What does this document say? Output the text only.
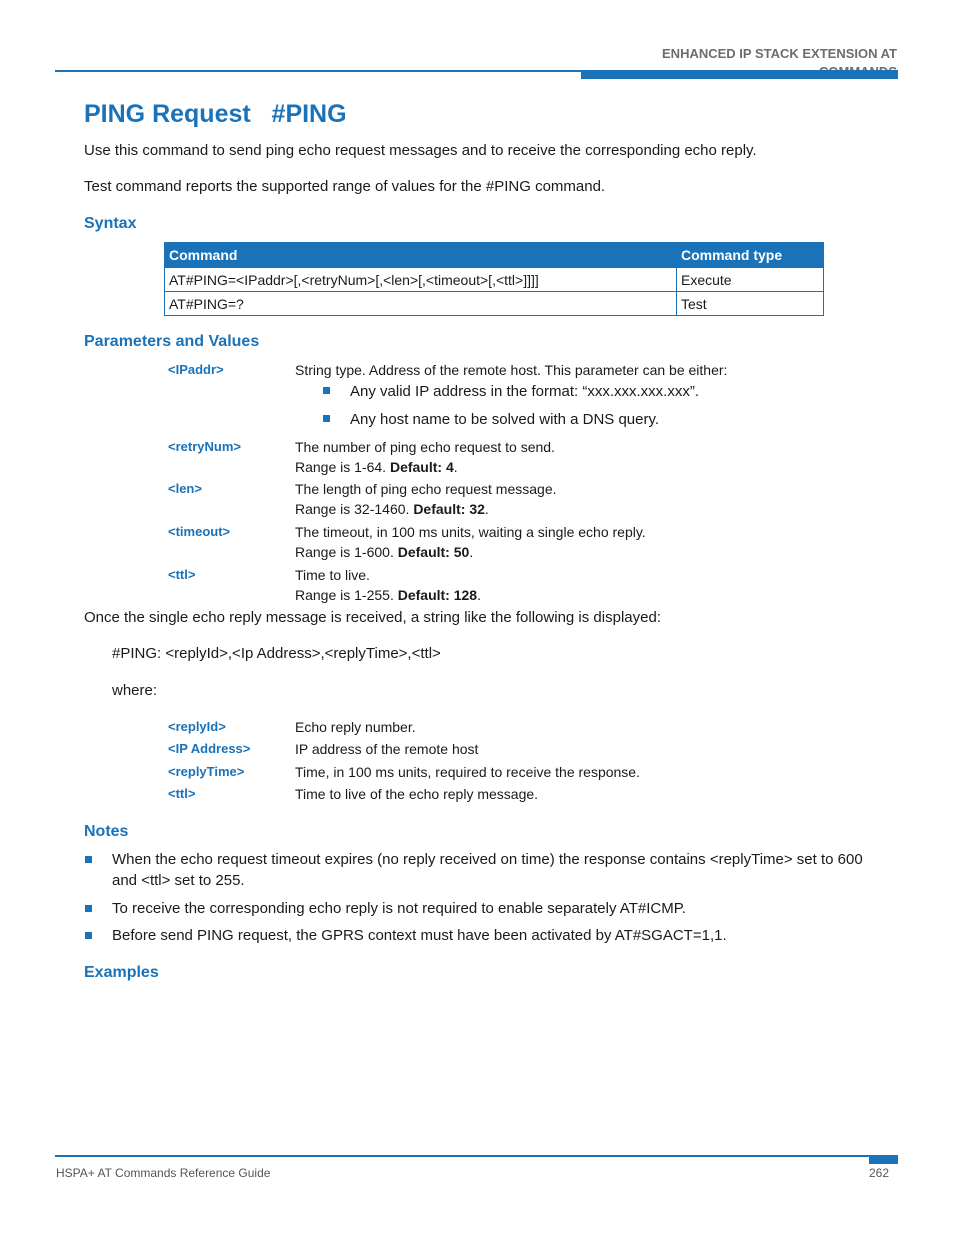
ENHANCED IP STACK EXTENSION AT
PING Request   #PING
Use this command to send ping echo request messages and to receive the corresponding echo reply.
Test command reports the supported range of values for the #PING command.
Syntax
Command	Command type
AT#PING=<IPaddr>[,<retryNum>[,<len>[,<timeout>[,<ttl>]]]]	Execute
AT#PING=?	Test
Parameters and Values
<IPaddr>	String type. Address of the remote host. This parameter can be either:
Any valid IP address in the format: “xxx.xxx.xxx.xxx”.
Any host name to be solved with a DNS query.
<retryNum>	The number of ping echo request to send.
Range is 1-64. Default: 4.
<len>	The length of ping echo request message.
Range is 32-1460. Default: 32.
<timeout>	The timeout, in 100 ms units, waiting a single echo reply.
Range is 1-600. Default: 50.
<ttl>	Time to live.
Range is 1-255. Default: 128.
Once the single echo reply message is received, a string like the following is displayed:
#PING: <replyId>,<Ip Address>,<replyTime>,<ttl>
where:
<replyId>	Echo reply number.
<IP Address>	IP address of the remote host
<replyTime>	Time, in 100 ms units, required to receive the response.
<ttl>	Time to live of the echo reply message.
Notes
When the echo request timeout expires (no reply received on time) the response contains <replyTime> set to 600 and <ttl> set to 255.
To receive the corresponding echo reply is not required to enable separately AT#ICMP.
Before send PING request, the GPRS context must have been activated by AT#SGACT=1,1.
Examples
HSPA+ AT Commands Reference Guide	262
